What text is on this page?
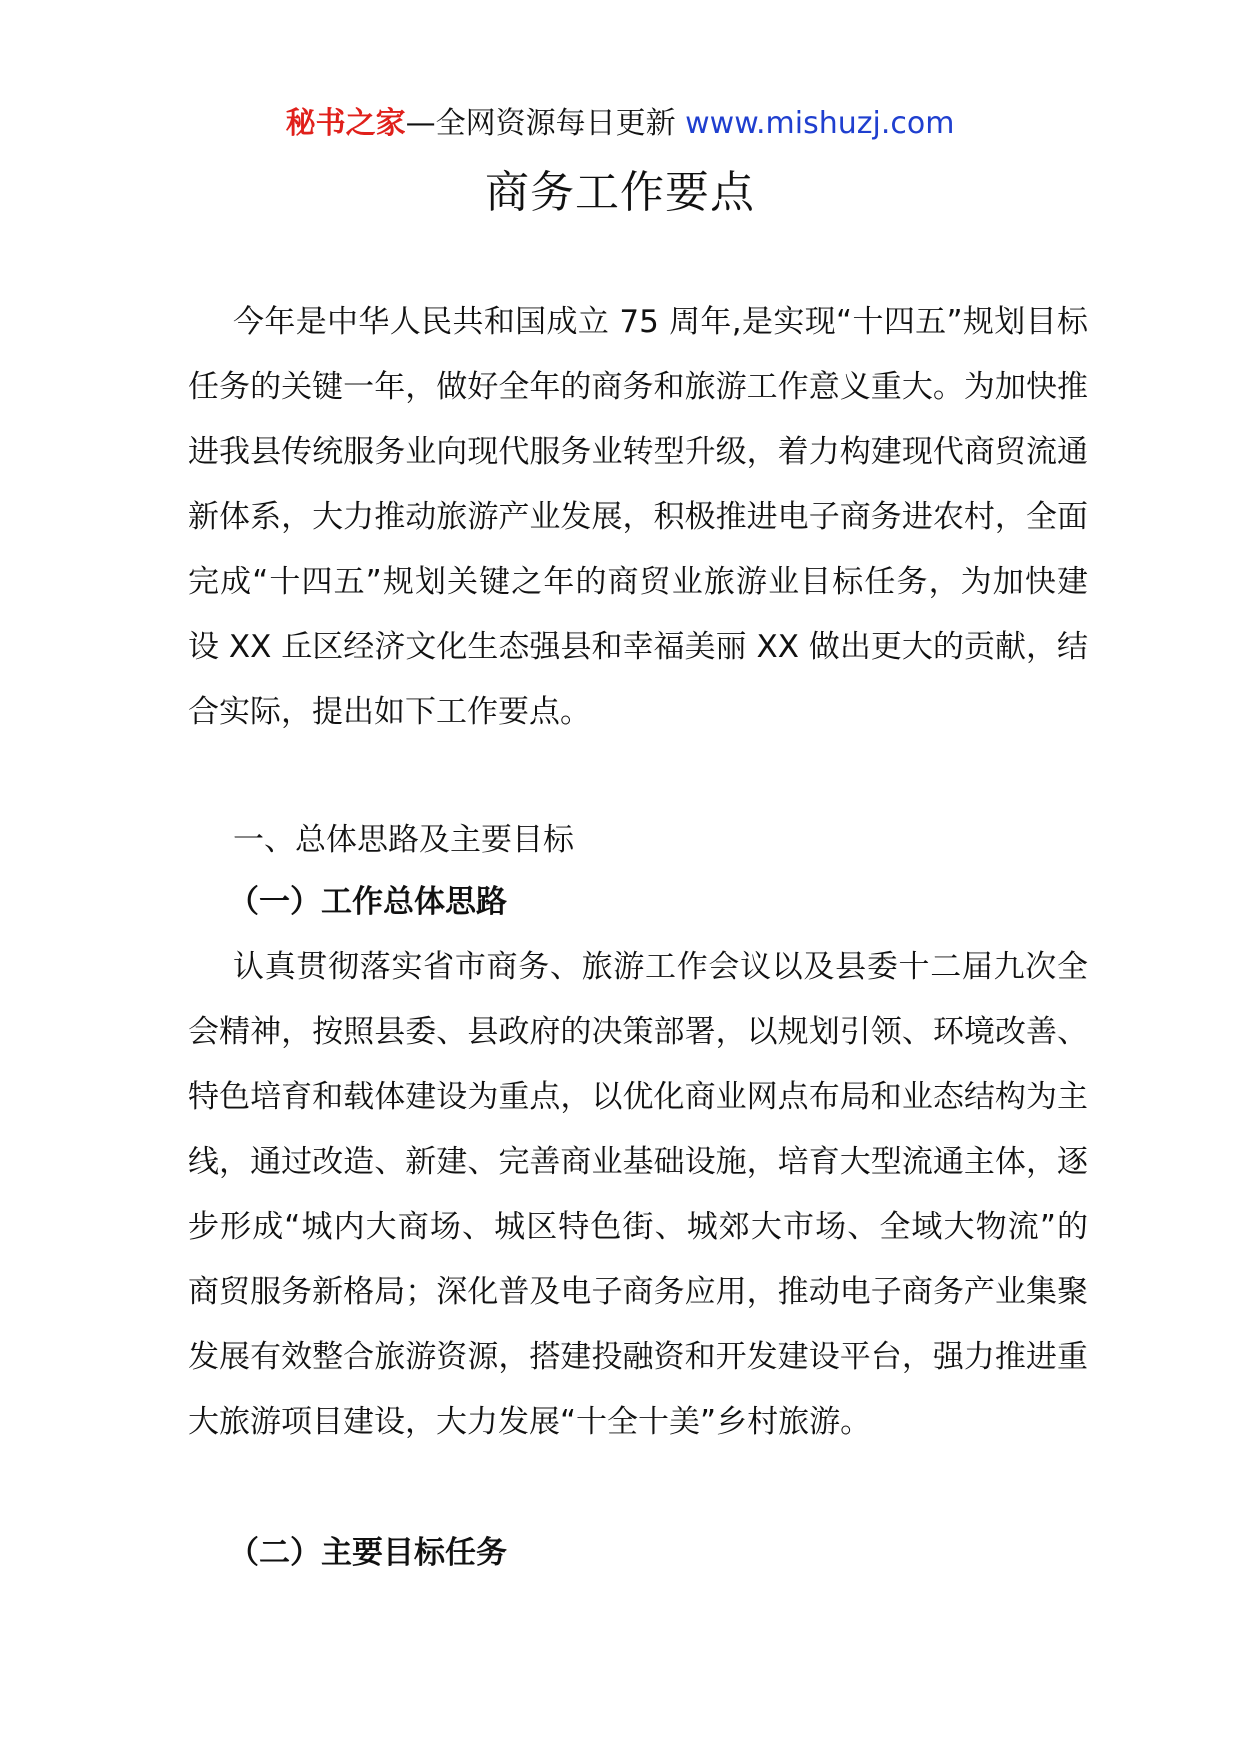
秘书之家—全网资源每日更新 www.mishuzj.com
商务工作要点

今年是中华人民共和国成立 75 周年,是实现“十四五”规划目标任务的关键一年，做好全年的商务和旅游工作意义重大。为加快推进我县传统服务业向现代服务业转型升级，着力构建现代商贸流通新体系，大力推动旅游产业发展，积极推进电子商务进农村，全面完成“十四五”规划关键之年的商贸业旅游业目标任务，为加快建设 XX 丘区经济文化生态强县和幸福美丽 XX 做出更大的贡献，结合实际，提出如下工作要点。

一、总体思路及主要目标

（一）工作总体思路

认真贯彻落实省市商务、旅游工作会议以及县委十二届九次全会精神，按照县委、县政府的决策部署，以规划引领、环境改善、特色培育和载体建设为重点，以优化商业网点布局和业态结构为主线，通过改造、新建、完善商业基础设施，培育大型流通主体，逐步形成“城内大商场、城区特色街、城郊大市场、全域大物流”的商贸服务新格局；深化普及电子商务应用，推动电子商务产业集聚发展有效整合旅游资源，搭建投融资和开发建设平台，强力推进重大旅游项目建设，大力发展“十全十美”乡村旅游。

（二）主要目标任务
